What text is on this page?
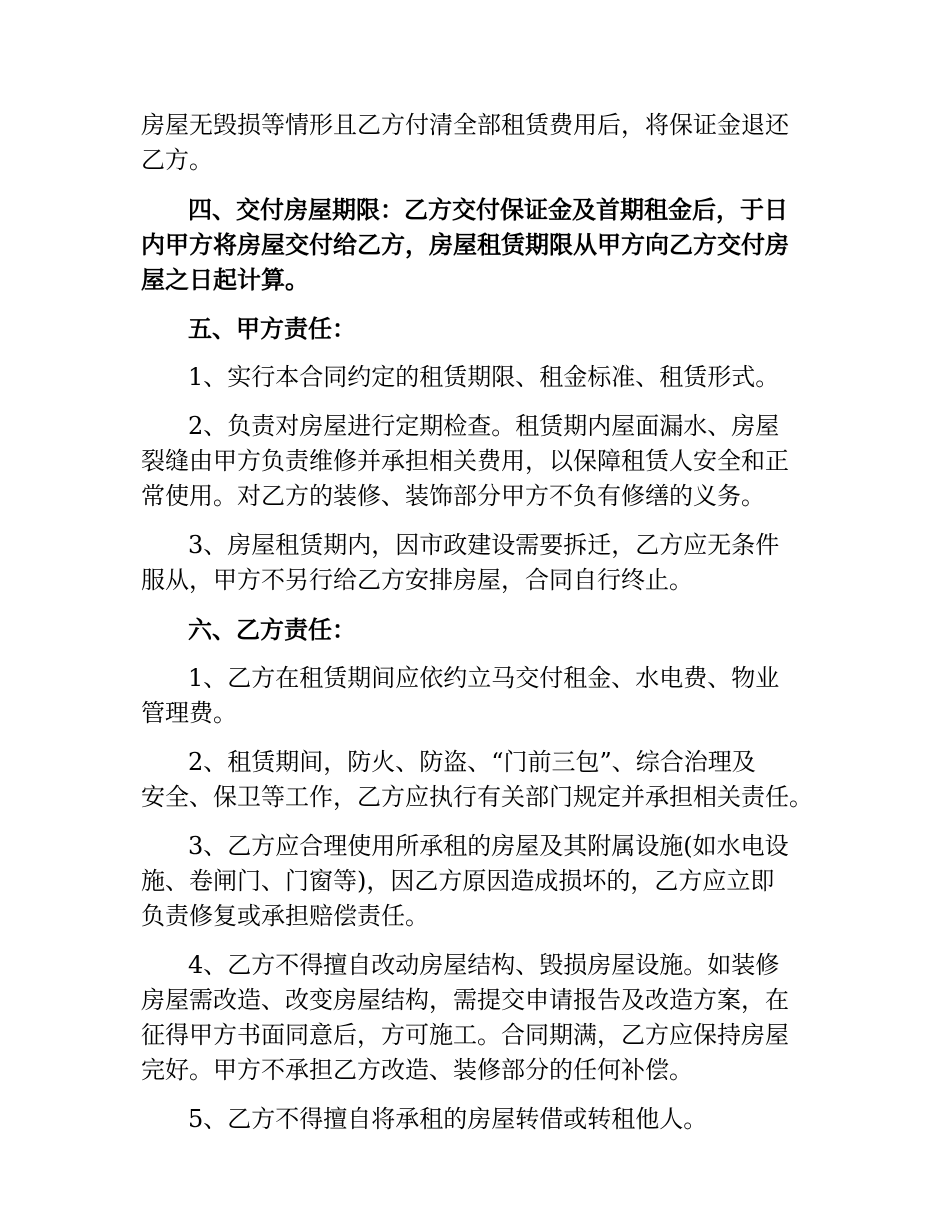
房屋无毁损等情形且乙方付清全部租赁费用后，将保证金退还
乙方。

四、交付房屋期限：乙方交付保证金及首期租金后，于日
内甲方将房屋交付给乙方，房屋租赁期限从甲方向乙方交付房
屋之日起计算。

五、甲方责任：

1、实行本合同约定的租赁期限、租金标准、租赁形式。

2、负责对房屋进行定期检查。租赁期内屋面漏水、房屋
裂缝由甲方负责维修并承担相关费用，以保障租赁人安全和正
常使用。对乙方的装修、装饰部分甲方不负有修缮的义务。

3、房屋租赁期内，因市政建设需要拆迁，乙方应无条件
服从，甲方不另行给乙方安排房屋，合同自行终止。

六、乙方责任：

1、乙方在租赁期间应依约立马交付租金、水电费、物业
管理费。

2、租赁期间，防火、防盗、“门前三包”、综合治理及
安全、保卫等工作，乙方应执行有关部门规定并承担相关责任。

3、乙方应合理使用所承租的房屋及其附属设施(如水电设
施、卷闸门、门窗等)，因乙方原因造成损坏的，乙方应立即
负责修复或承担赔偿责任。

4、乙方不得擅自改动房屋结构、毁损房屋设施。如装修
房屋需改造、改变房屋结构，需提交申请报告及改造方案，在
征得甲方书面同意后，方可施工。合同期满，乙方应保持房屋
完好。甲方不承担乙方改造、装修部分的任何补偿。

5、乙方不得擅自将承租的房屋转借或转租他人。
